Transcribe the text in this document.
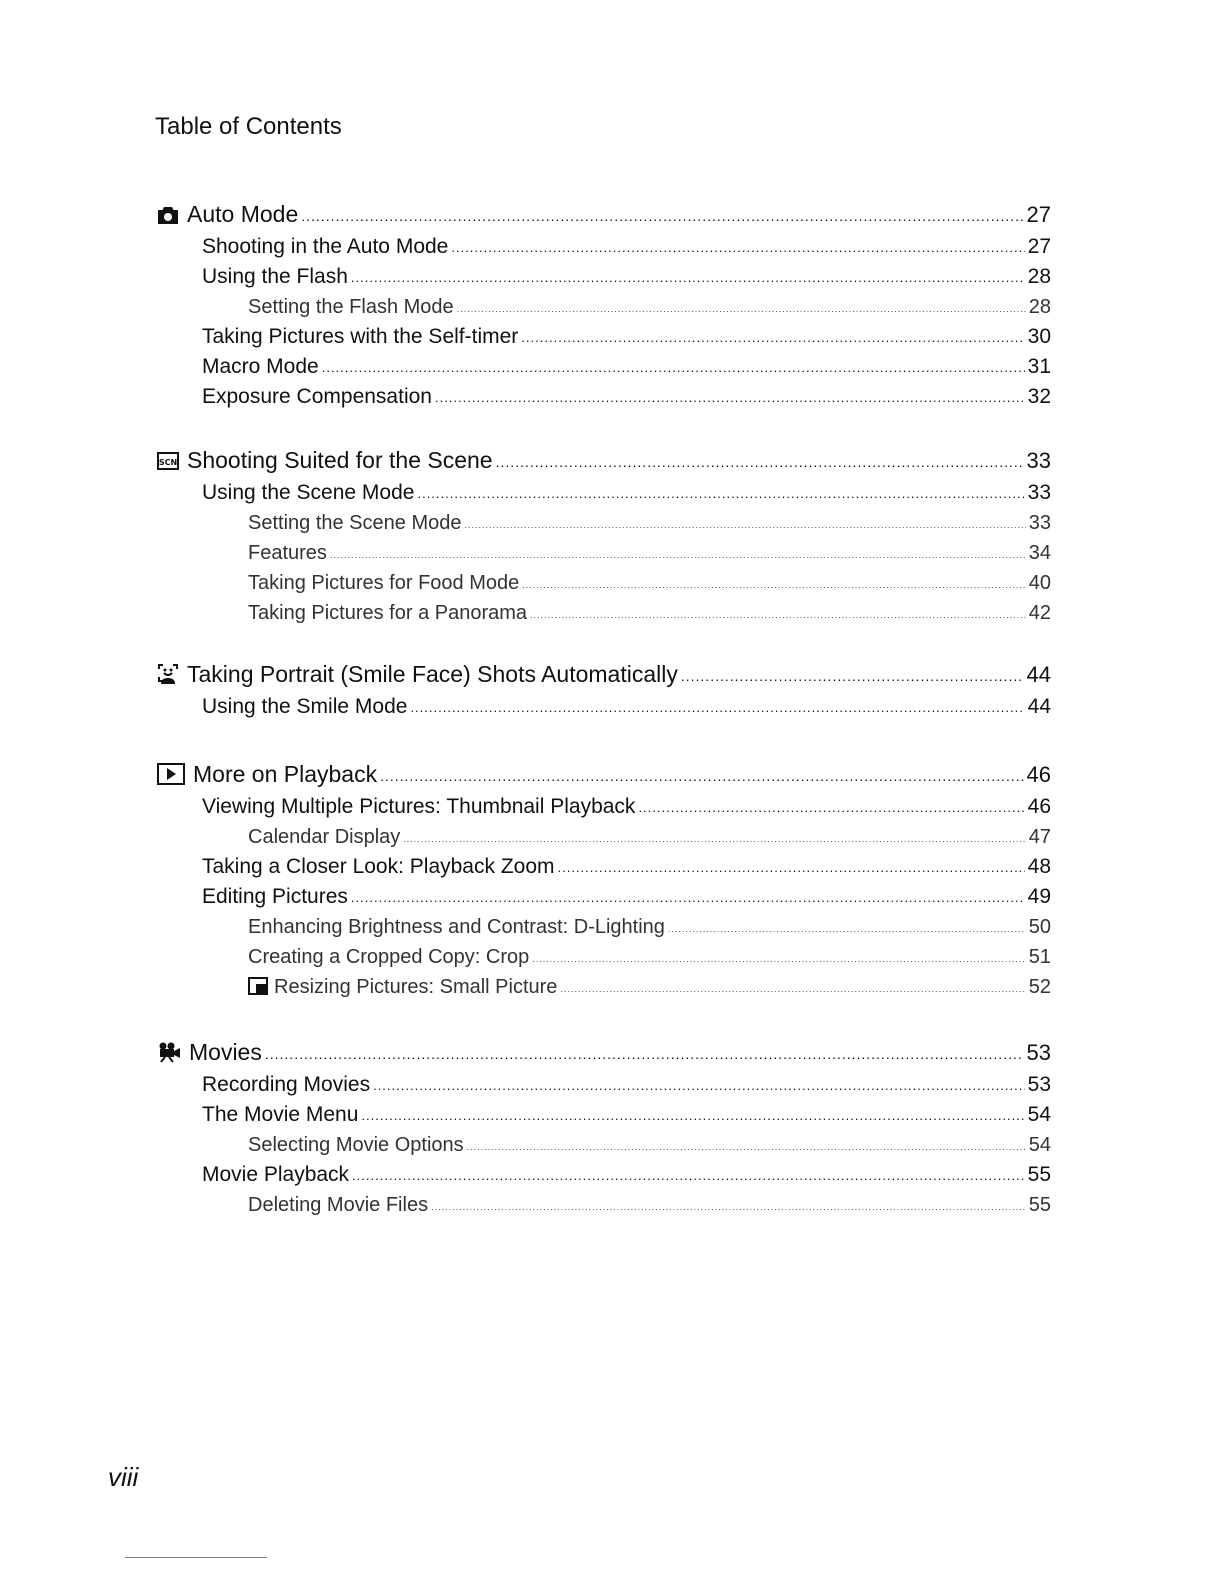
Table of Contents
Auto Mode .....	27
Shooting in the Auto Mode .....	27
Using the Flash .....	28
Setting the Flash Mode .....	28
Taking Pictures with the Self-timer .....	30
Macro Mode .....	31
Exposure Compensation .....	32
SCN Shooting Suited for the Scene .....	33
Using the Scene Mode .....	33
Setting the Scene Mode .....	33
Features .....	34
Taking Pictures for Food Mode .....	40
Taking Pictures for a Panorama .....	42
Taking Portrait (Smile Face) Shots Automatically .....	44
Using the Smile Mode .....	44
More on Playback .....	46
Viewing Multiple Pictures: Thumbnail Playback .....	46
Calendar Display .....	47
Taking a Closer Look: Playback Zoom .....	48
Editing Pictures .....	49
Enhancing Brightness and Contrast: D-Lighting .....	50
Creating a Cropped Copy: Crop .....	51
Resizing Pictures: Small Picture .....	52
Movies .....	53
Recording Movies .....	53
The Movie Menu .....	54
Selecting Movie Options .....	54
Movie Playback .....	55
Deleting Movie Files .....	55
viii
